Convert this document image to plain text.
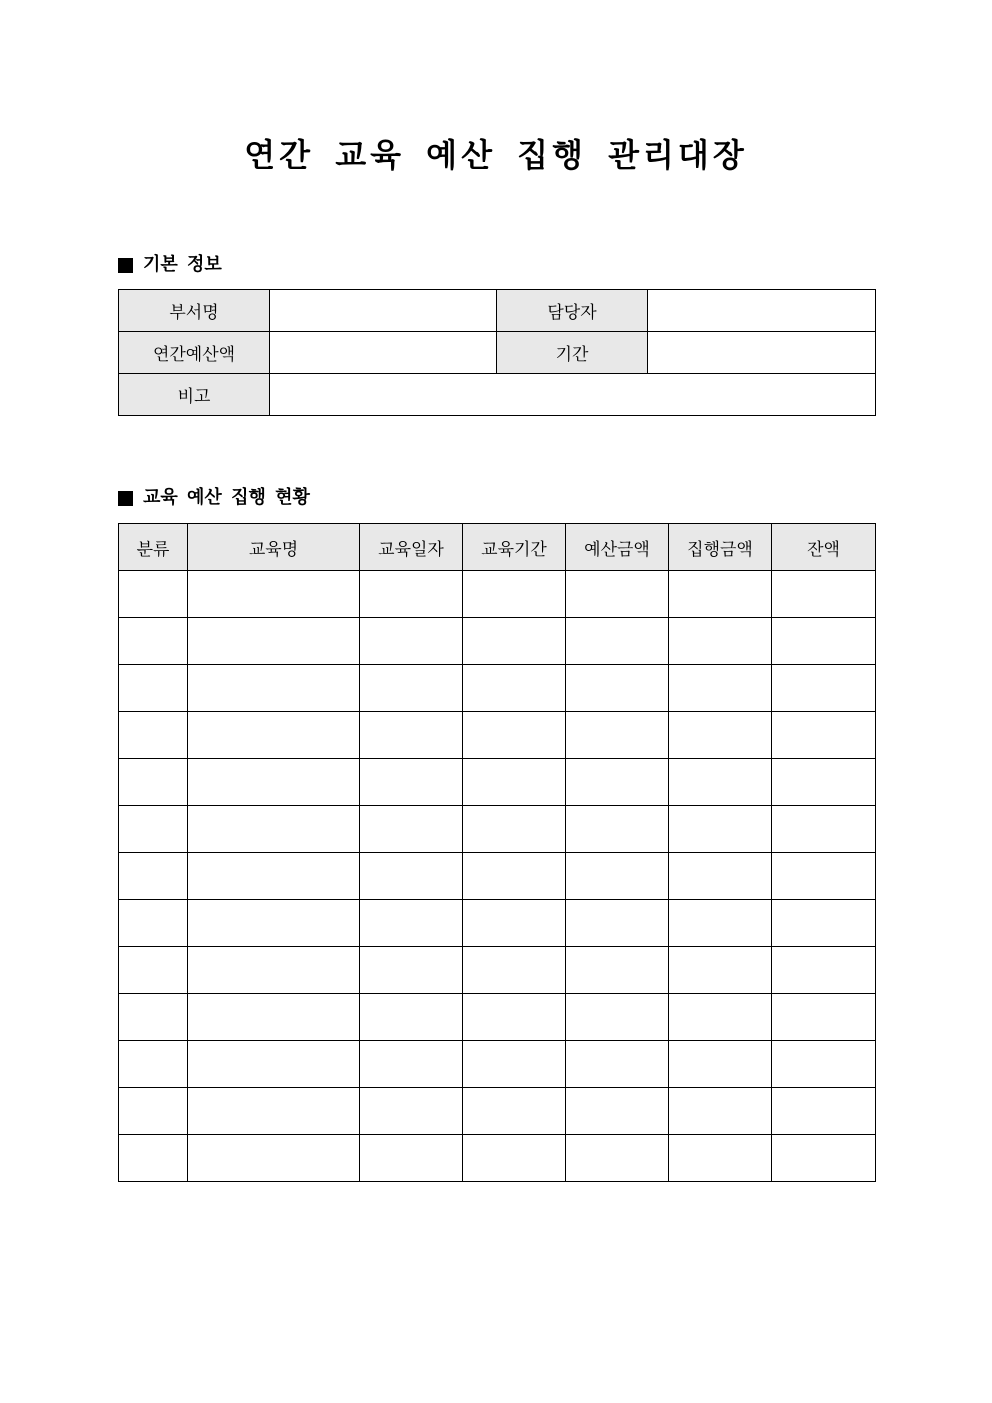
연간 교육 예산 집행 관리대장
기본 정보
부서명		담당자	
연간예산액		기간	
비고			
교육 예산 집행 현황
분류	교육명	교육일자	교육기간	예산금액	집행금액	잔액
